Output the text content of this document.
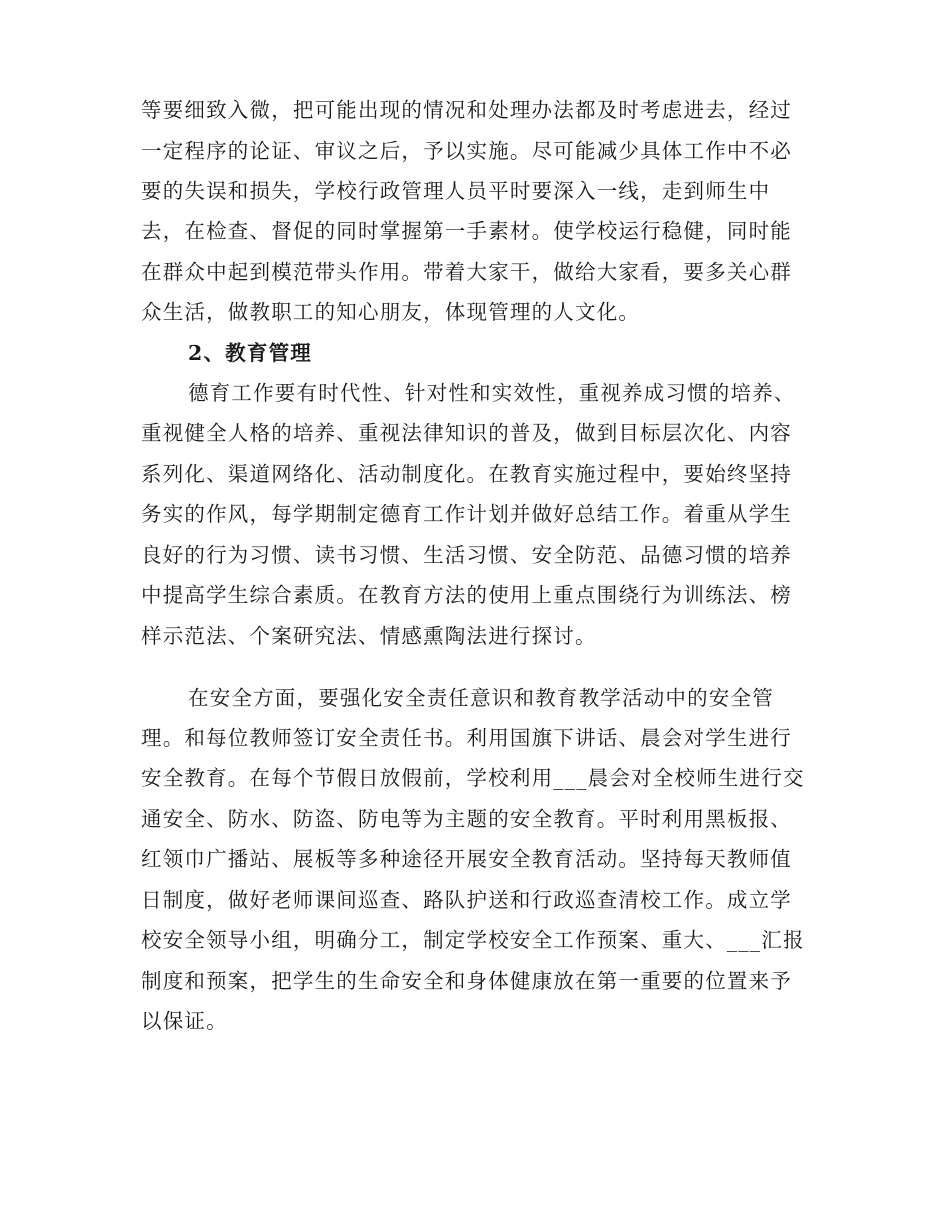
等要细致入微，把可能出现的情况和处理办法都及时考虑进去，经过
一定程序的论证、审议之后，予以实施。尽可能减少具体工作中不必
要的失误和损失，学校行政管理人员平时要深入一线，走到师生中
去，在检查、督促的同时掌握第一手素材。使学校运行稳健，同时能
在群众中起到模范带头作用。带着大家干，做给大家看，要多关心群
众生活，做教职工的知心朋友，体现管理的人文化。
2、教育管理
德育工作要有时代性、针对性和实效性，重视养成习惯的培养、
重视健全人格的培养、重视法律知识的普及，做到目标层次化、内容
系列化、渠道网络化、活动制度化。在教育实施过程中，要始终坚持
务实的作风，每学期制定德育工作计划并做好总结工作。着重从学生
良好的行为习惯、读书习惯、生活习惯、安全防范、品德习惯的培养
中提高学生综合素质。在教育方法的使用上重点围绕行为训练法、榜
样示范法、个案研究法、情感熏陶法进行探讨。
在安全方面，要强化安全责任意识和教育教学活动中的安全管
理。和每位教师签订安全责任书。利用国旗下讲话、晨会对学生进行
安全教育。在每个节假日放假前，学校利用___晨会对全校师生进行交
通安全、防水、防盗、防电等为主题的安全教育。平时利用黑板报、
红领巾广播站、展板等多种途径开展安全教育活动。坚持每天教师值
日制度，做好老师课间巡查、路队护送和行政巡查清校工作。成立学
校安全领导小组，明确分工，制定学校安全工作预案、重大、___汇报
制度和预案，把学生的生命安全和身体健康放在第一重要的位置来予
以保证。
